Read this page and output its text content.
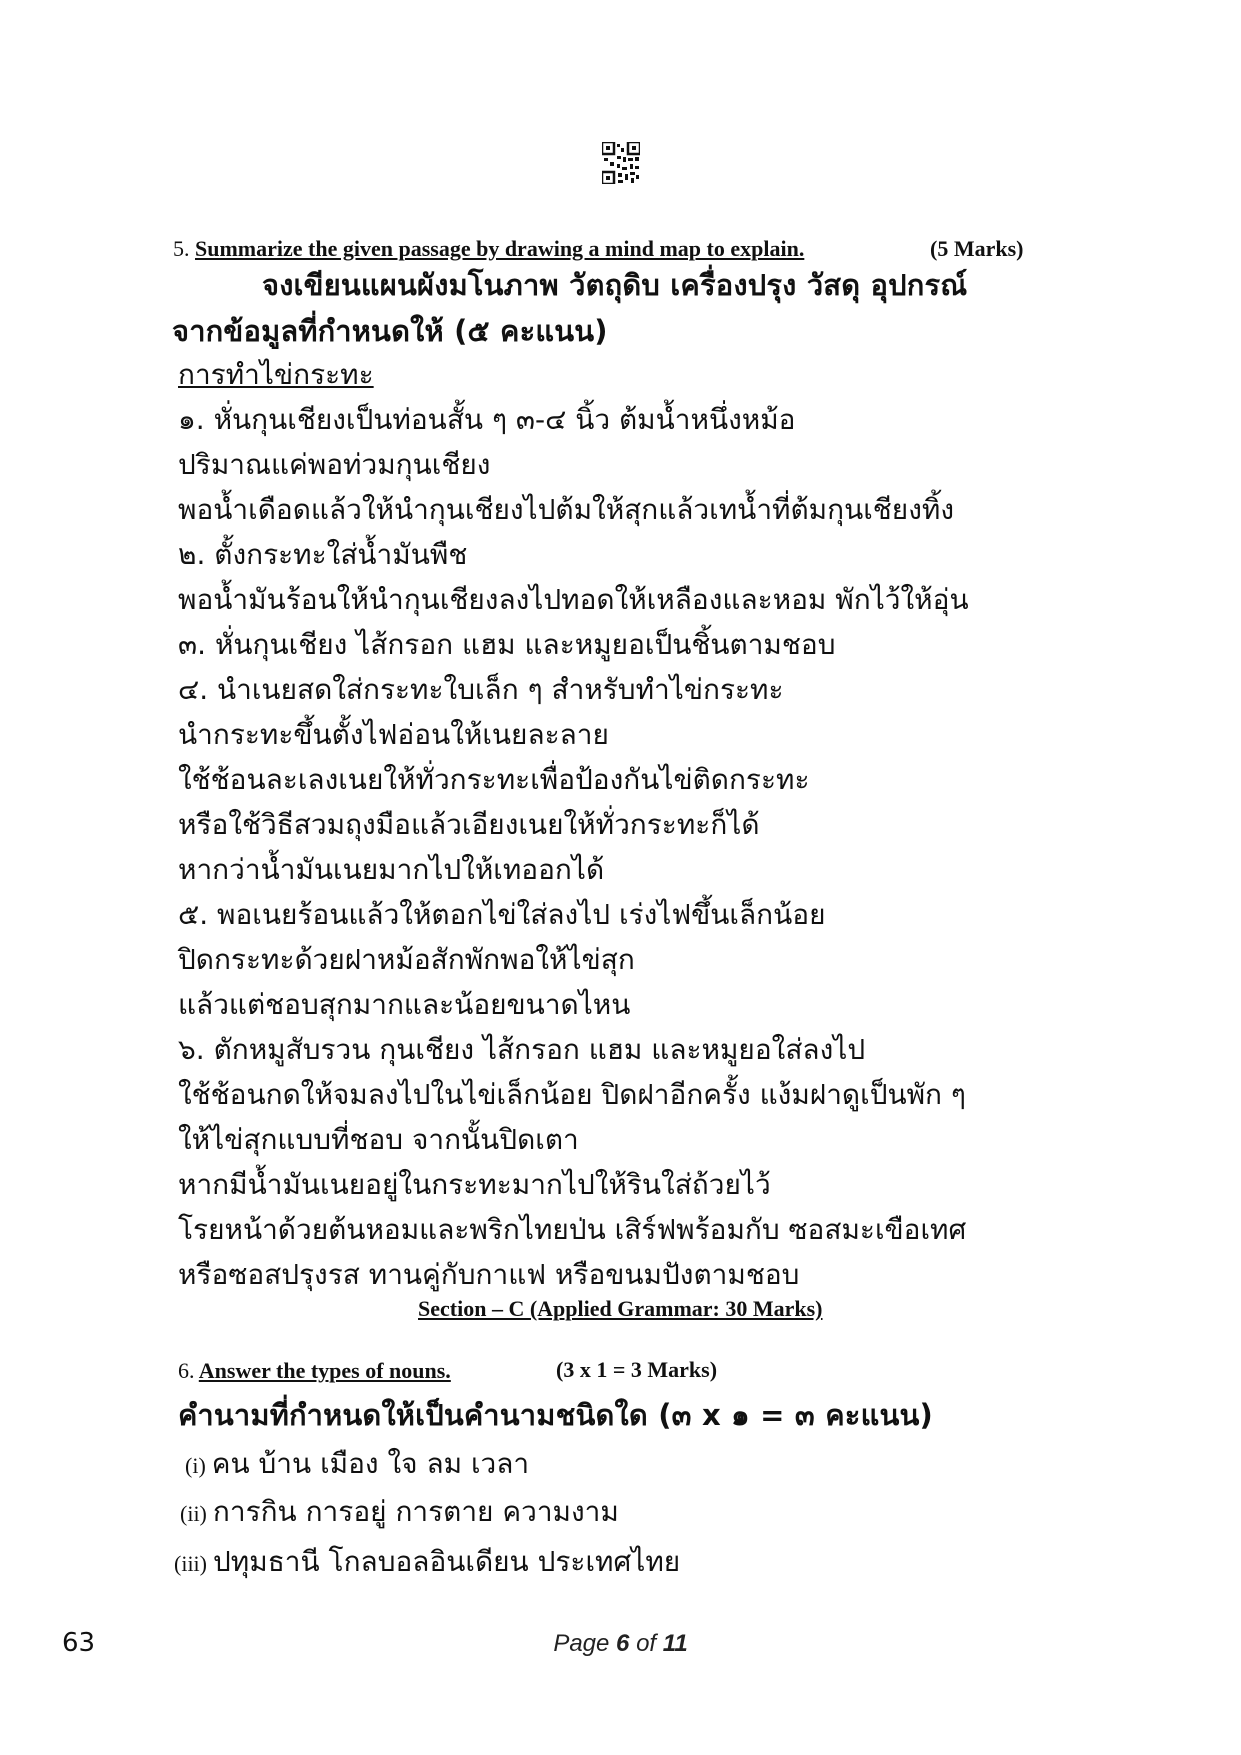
5. Summarize the given passage by drawing a mind map to explain.	(5 Marks)
จงเขียนแผนผังมโนภาพ วัตถุดิบ เครื่องปรุง วัสดุ อุปกรณ์
จากข้อมูลที่กำหนดให้ (๕ คะแนน)
การทำไข่กระทะ
๑. หั่นกุนเชียงเป็นท่อนสั้น ๆ ๓-๔ นิ้ว ต้มน้ำหนึ่งหม้อ
ปริมาณแค่พอท่วมกุนเชียง
พอน้ำเดือดแล้วให้นำกุนเชียงไปต้มให้สุกแล้วเทน้ำที่ต้มกุนเชียงทิ้ง
๒. ตั้งกระทะใส่น้ำมันพืช
พอน้ำมันร้อนให้นำกุนเชียงลงไปทอดให้เหลืองและหอม พักไว้ให้อุ่น
๓. หั่นกุนเชียง ไส้กรอก แฮม และหมูยอเป็นชิ้นตามชอบ
๔. นำเนยสดใส่กระทะใบเล็ก ๆ สำหรับทำไข่กระทะ
นำกระทะขึ้นตั้งไฟอ่อนให้เนยละลาย
ใช้ช้อนละเลงเนยให้ทั่วกระทะเพื่อป้องกันไข่ติดกระทะ
หรือใช้วิธีสวมถุงมือแล้วเอียงเนยให้ทั่วกระทะก็ได้
หากว่าน้ำมันเนยมากไปให้เทออกได้
๕. พอเนยร้อนแล้วให้ตอกไข่ใส่ลงไป เร่งไฟขึ้นเล็กน้อย
ปิดกระทะด้วยฝาหม้อสักพักพอให้ไข่สุก
แล้วแต่ชอบสุกมากและน้อยขนาดไหน
๖. ตักหมูสับรวน กุนเชียง ไส้กรอก แฮม และหมูยอใส่ลงไป
ใช้ช้อนกดให้จมลงไปในไข่เล็กน้อย ปิดฝาอีกครั้ง แง้มฝาดูเป็นพัก ๆ
ให้ไข่สุกแบบที่ชอบ จากนั้นปิดเตา
หากมีน้ำมันเนยอยู่ในกระทะมากไปให้รินใส่ถ้วยไว้
โรยหน้าด้วยต้นหอมและพริกไทยป่น เสิร์ฟพร้อมกับ ซอสมะเขือเทศ
หรือซอสปรุงรส ทานคู่กับกาแฟ หรือขนมปังตามชอบ
Section – C (Applied Grammar: 30 Marks)
6. Answer the types of nouns.	(3 x 1 = 3 Marks)
คำนามที่กำหนดให้เป็นคำนามชนิดใด (๓ x ๑ = ๓ คะแนน)
(i) คน บ้าน เมือง ใจ ลม เวลา
(ii) การกิน การอยู่ การตาย ความงาม
(iii) ปทุมธานี โกลบอลอินเดียน ประเทศไทย
63	Page 6 of 11
